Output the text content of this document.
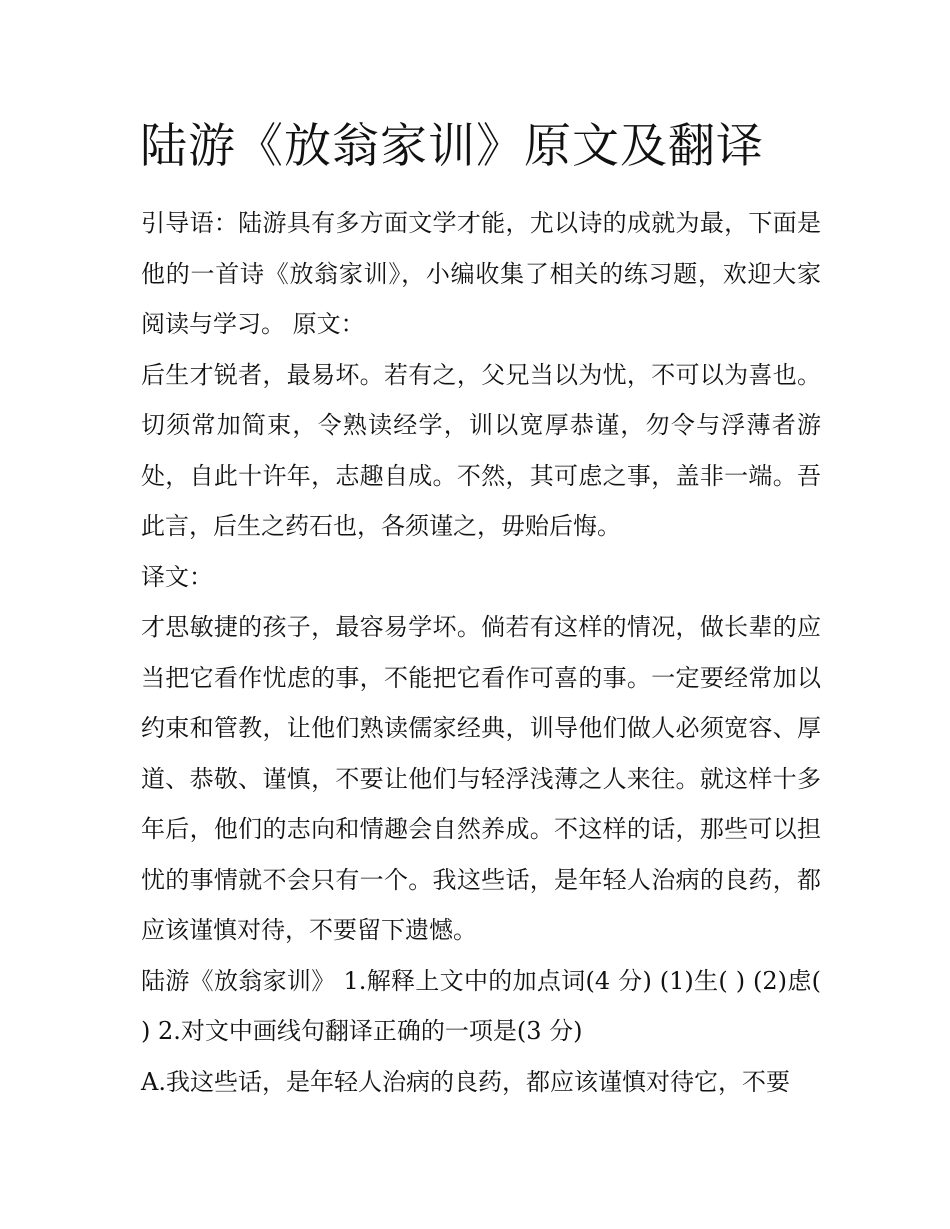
陆游《放翁家训》原文及翻译

引导语：陆游具有多方面文学才能，尤以诗的成就为最，下面是他的一首诗《放翁家训》，小编收集了相关的练习题，欢迎大家阅读与学习。 原文：

后生才锐者，最易坏。若有之，父兄当以为忧，不可以为喜也。切须常加简束，令熟读经学，训以宽厚恭谨，勿令与浮薄者游处，自此十许年，志趣自成。不然，其可虑之事，盖非一端。吾此言，后生之药石也，各须谨之，毋贻后悔。

译文：

才思敏捷的孩子，最容易学坏。倘若有这样的情况，做长辈的应当把它看作忧虑的事，不能把它看作可喜的事。一定要经常加以约束和管教，让他们熟读儒家经典，训导他们做人必须宽容、厚道、恭敬、谨慎，不要让他们与轻浮浅薄之人来往。就这样十多年后，他们的志向和情趣会自然养成。不这样的话，那些可以担忧的事情就不会只有一个。我这些话，是年轻人治病的良药，都应该谨慎对待，不要留下遗憾。

陆游《放翁家训》 1.解释上文中的加点词(4 分) (1)生( ) (2)虑( ) 2.对文中画线句翻译正确的一项是(3 分)

A.我这些话，是年轻人治病的良药，都应该谨慎对待它，不要
